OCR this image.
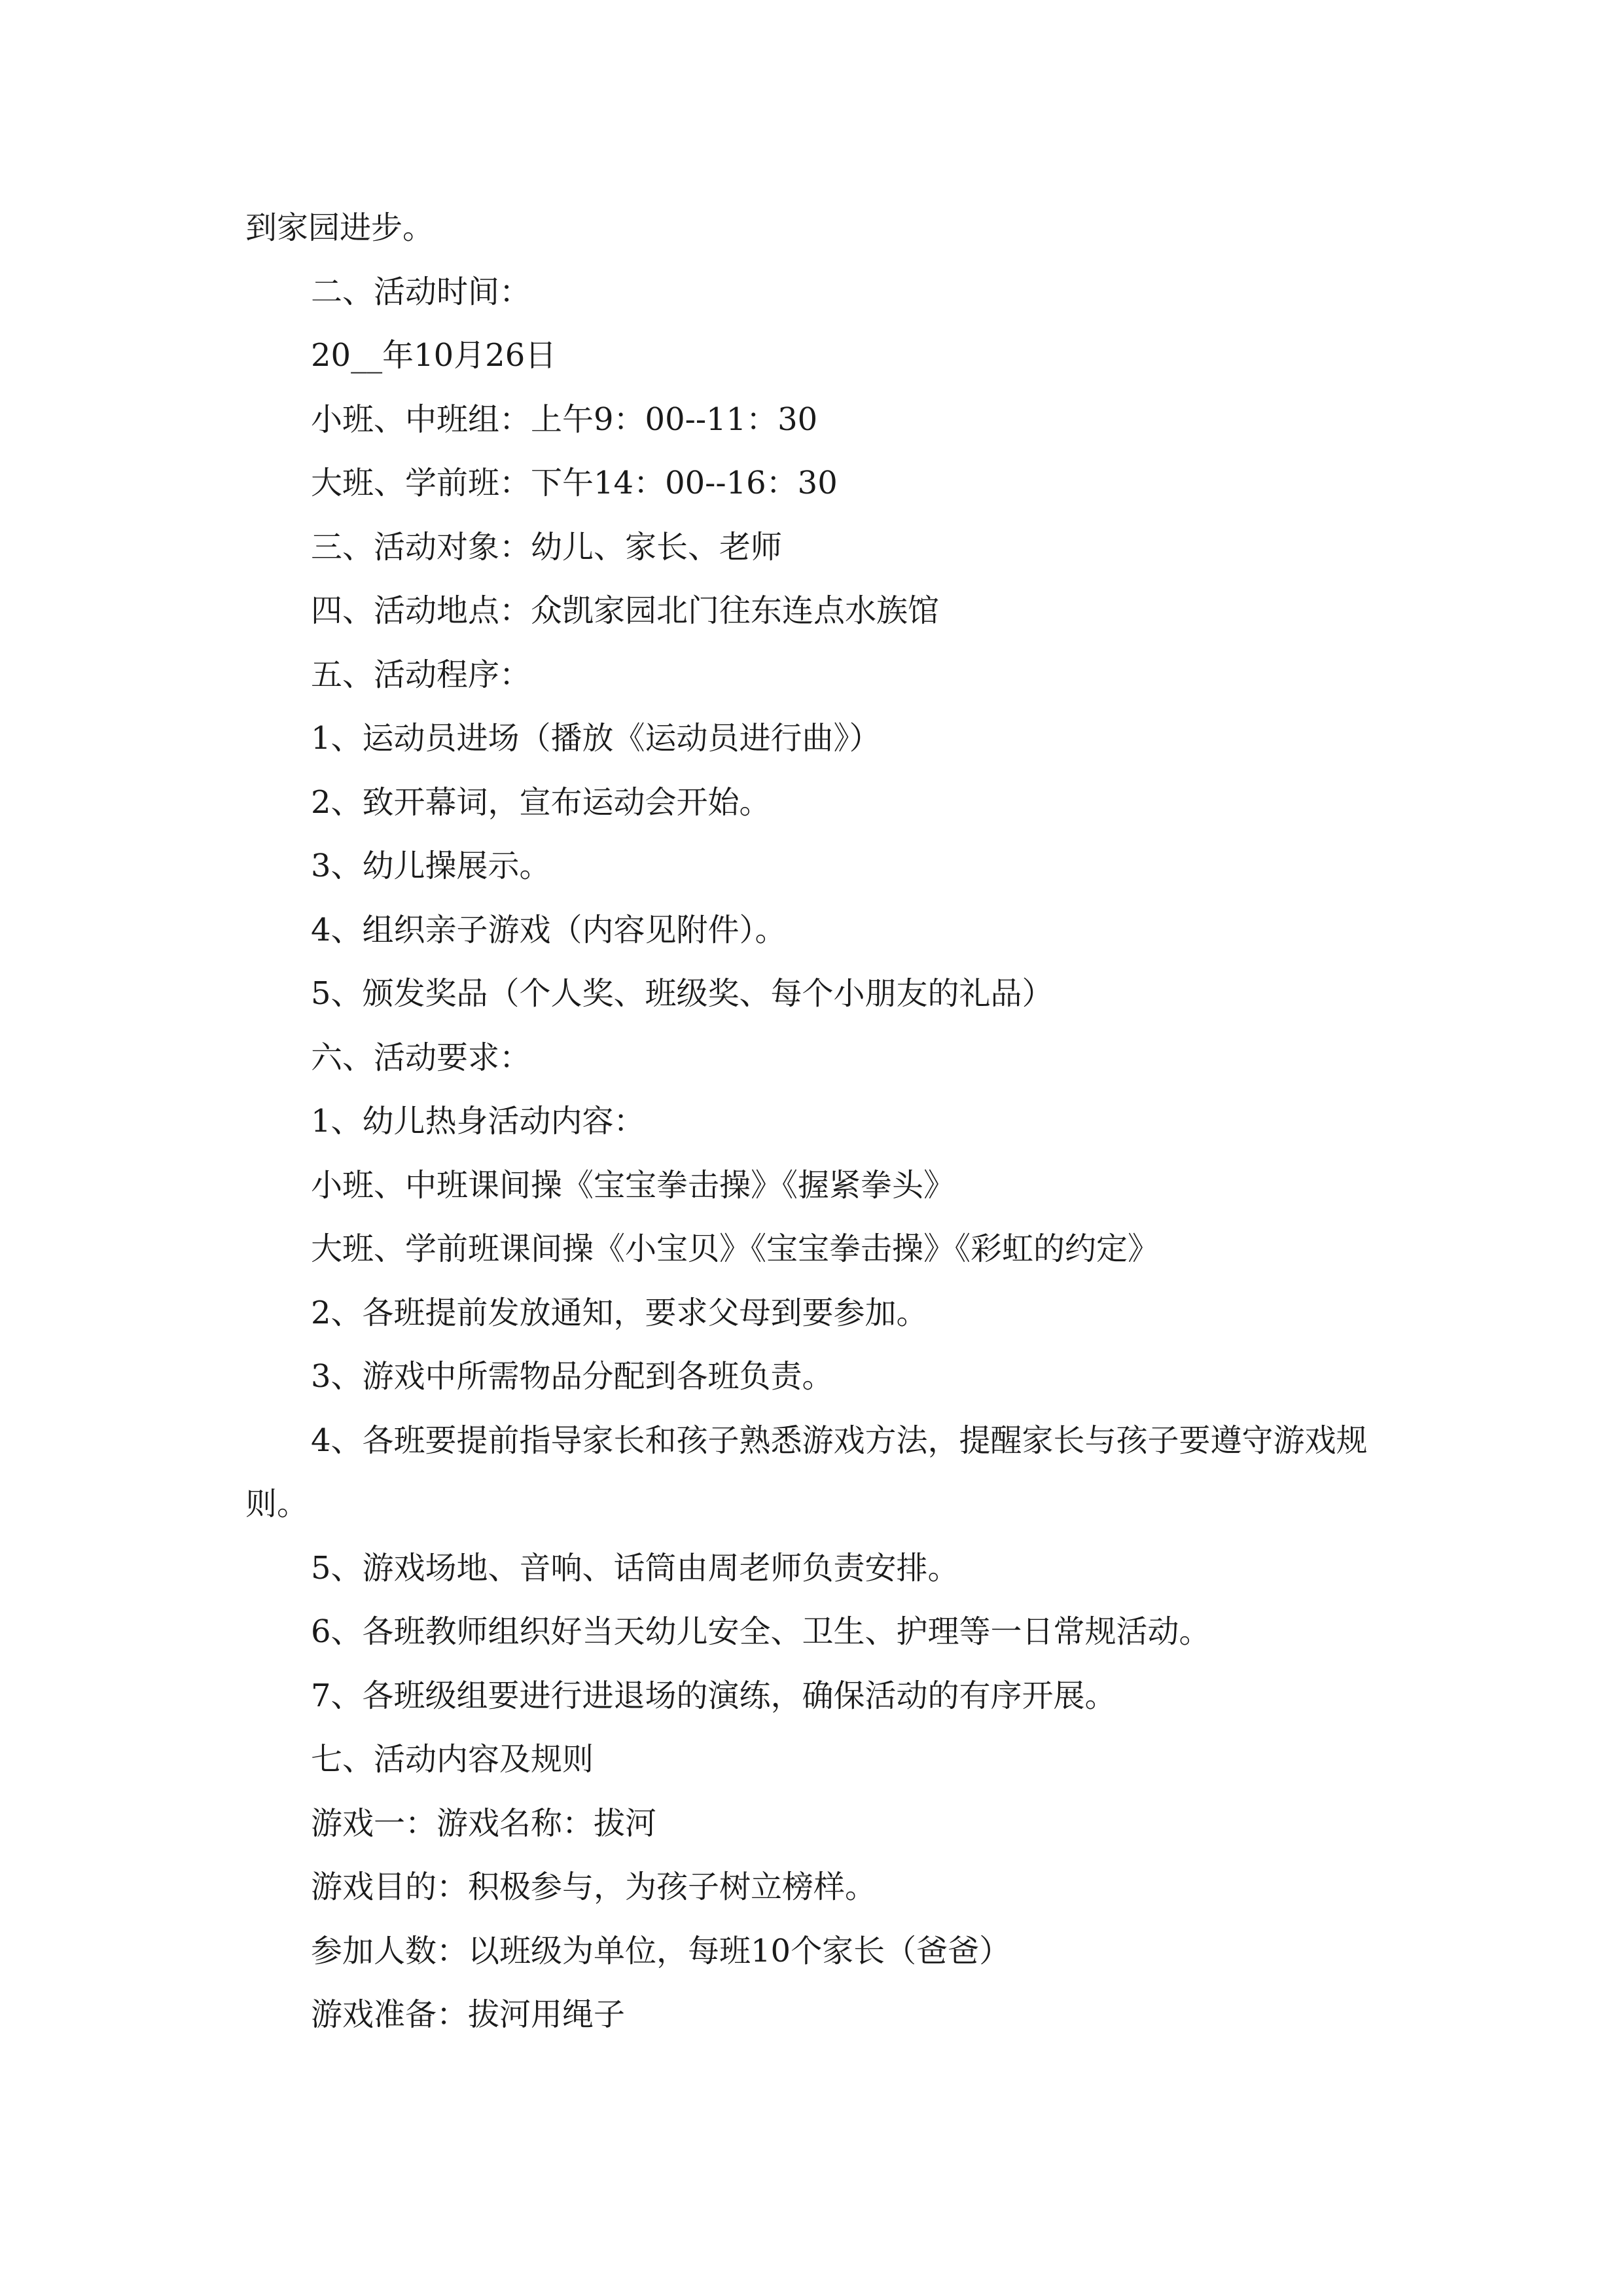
到家园进步。

二、活动时间：

20__年10月26日

小班、中班组：上午9：00--11：30

大班、学前班：下午14：00--16：30

三、活动对象：幼儿、家长、老师

四、活动地点：众凯家园北门往东连点水族馆

五、活动程序：

1、运动员进场（播放《运动员进行曲》）

2、致开幕词，宣布运动会开始。

3、幼儿操展示。

4、组织亲子游戏（内容见附件）。

5、颁发奖品（个人奖、班级奖、每个小朋友的礼品）

六、活动要求：

1、幼儿热身活动内容：

小班、中班课间操《宝宝拳击操》《握紧拳头》

大班、学前班课间操《小宝贝》《宝宝拳击操》《彩虹的约定》

2、各班提前发放通知，要求父母到要参加。

3、游戏中所需物品分配到各班负责。

4、各班要提前指导家长和孩子熟悉游戏方法，提醒家长与孩子要遵守游戏规则。

5、游戏场地、音响、话筒由周老师负责安排。

6、各班教师组织好当天幼儿安全、卫生、护理等一日常规活动。

7、各班级组要进行进退场的演练，确保活动的有序开展。

七、活动内容及规则

游戏一：游戏名称：拔河

游戏目的：积极参与，为孩子树立榜样。

参加人数：以班级为单位，每班10个家长（爸爸）

游戏准备：拔河用绳子
